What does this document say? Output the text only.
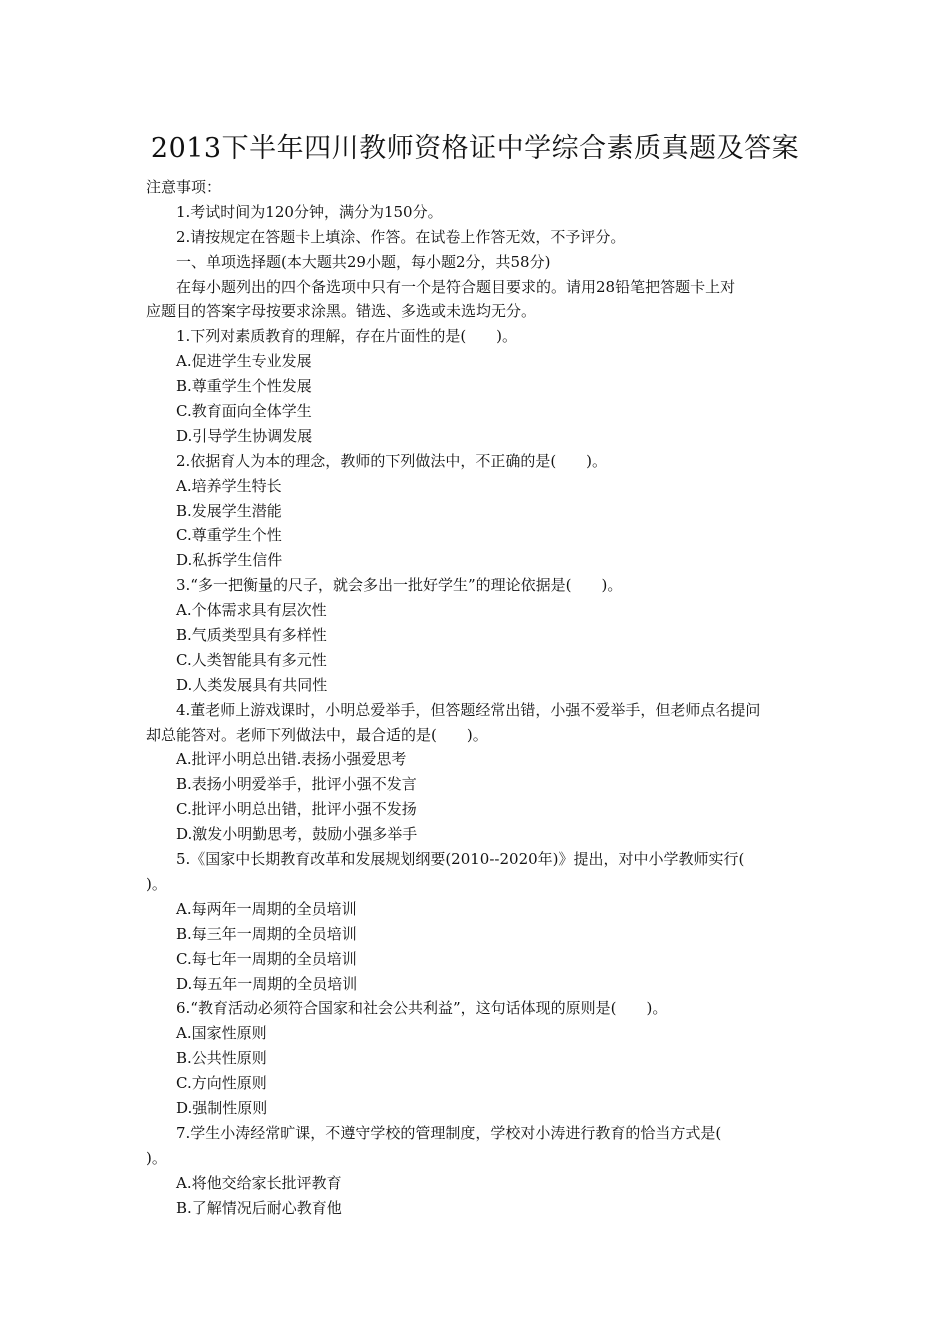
2013下半年四川教师资格证中学综合素质真题及答案
注意事项：
1.考试时间为120分钟，满分为150分。
2.请按规定在答题卡上填涂、作答。在试卷上作答无效，不予评分。
一、单项选择题(本大题共29小题，每小题2分，共58分)
在每小题列出的四个备选项中只有一个是符合题目要求的。请用28铅笔把答题卡上对
应题目的答案字母按要求涂黑。错选、多选或未选均无分。
1.下列对素质教育的理解，存在片面性的是(　　)。
A.促进学生专业发展
B.尊重学生个性发展
C.教育面向全体学生
D.引导学生协调发展
2.依据育人为本的理念，教师的下列做法中，不正确的是(　　)。
A.培养学生特长
B.发展学生潜能
C.尊重学生个性
D.私拆学生信件
3.“多一把衡量的尺子，就会多出一批好学生”的理论依据是(　　)。
A.个体需求具有层次性
B.气质类型具有多样性
C.人类智能具有多元性
D.人类发展具有共同性
4.董老师上游戏课时，小明总爱举手，但答题经常出错，小强不爱举手，但老师点名提问
却总能答对。老师下列做法中，最合适的是(　　)。
A.批评小明总出错.表扬小强爱思考
B.表扬小明爱举手，批评小强不发言
C.批评小明总出错，批评小强不发扬
D.激发小明勤思考，鼓励小强多举手
5.《国家中长期教育改革和发展规划纲要(2010--2020年)》提出，对中小学教师实行(
)。
A.每两年一周期的全员培训
B.每三年一周期的全员培训
C.每七年一周期的全员培训
D.每五年一周期的全员培训
6.“教育活动必须符合国家和社会公共利益”，这句话体现的原则是(　　)。
A.国家性原则
B.公共性原则
C.方向性原则
D.强制性原则
7.学生小涛经常旷课，不遵守学校的管理制度，学校对小涛进行教育的恰当方式是(
)。
A.将他交给家长批评教育
B.了解情况后耐心教育他
